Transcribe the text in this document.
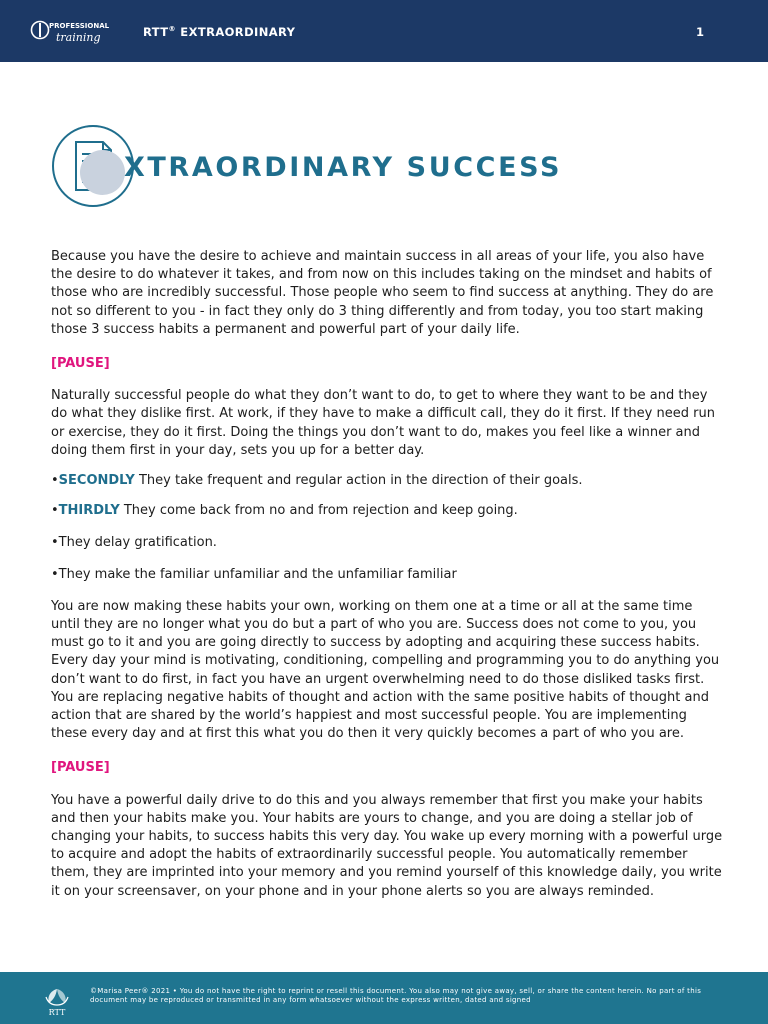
PROFESSIONAL
training	RTT® EXTRAORDINARY	1
XTRAORDINARY SUCCESS

Because you have the desire to achieve and maintain success in all areas of your life, you also have the desire to do whatever it takes, and from now on this includes taking on the mindset and habits of those who are incredibly successful. Those people who seem to find success at anything. They do are not so different to you - in fact they only do 3 thing differently and from today, you too start making those 3 success habits a permanent and powerful part of your daily life.

[PAUSE]

Naturally successful people do what they don’t want to do, to get to where they want to be and they do what they dislike first. At work, if they have to make a difficult call, they do it first. If they need run or exercise, they do it first. Doing the things you don’t want to do, makes you feel like a winner and doing them first in your day, sets you up for a better day.

•SECONDLY They take frequent and regular action in the direction of their goals.

•THIRDLY They come back from no and from rejection and keep going.

•They delay gratification.

•They make the familiar unfamiliar and the unfamiliar familiar

You are now making these habits your own, working on them one at a time or all at the same time until they are no longer what you do but a part of who you are. Success does not come to you, you must go to it and you are going directly to success by adopting and acquiring these success habits. Every day your mind is motivating, conditioning, compelling and programming you to do anything you don’t want to do first, in fact you have an urgent overwhelming need to do those disliked tasks first. You are replacing negative habits of thought and action with the same positive habits of thought and action that are shared by the world’s happiest and most successful people. You are implementing these every day and at first this what you do then it very quickly becomes a part of who you are.

[PAUSE]

You have a powerful daily drive to do this and you always remember that first you make your habits and then your habits make you. Your habits are yours to change, and you are doing a stellar job of changing your habits, to success habits this very day. You wake up every morning with a powerful urge to acquire and adopt the habits of extraordinarily successful people. You automatically remember them, they are imprinted into your memory and you remind yourself of this knowledge daily, you write it on your screensaver, on your phone and in your phone alerts so you are always reminded.

RTT
©Marisa Peer® 2021 • You do not have the right to reprint or resell this document. You also may not give away, sell, or share the content herein. No part of this document may be reproduced or transmitted in any form whatsoever without the express written, dated and signed
